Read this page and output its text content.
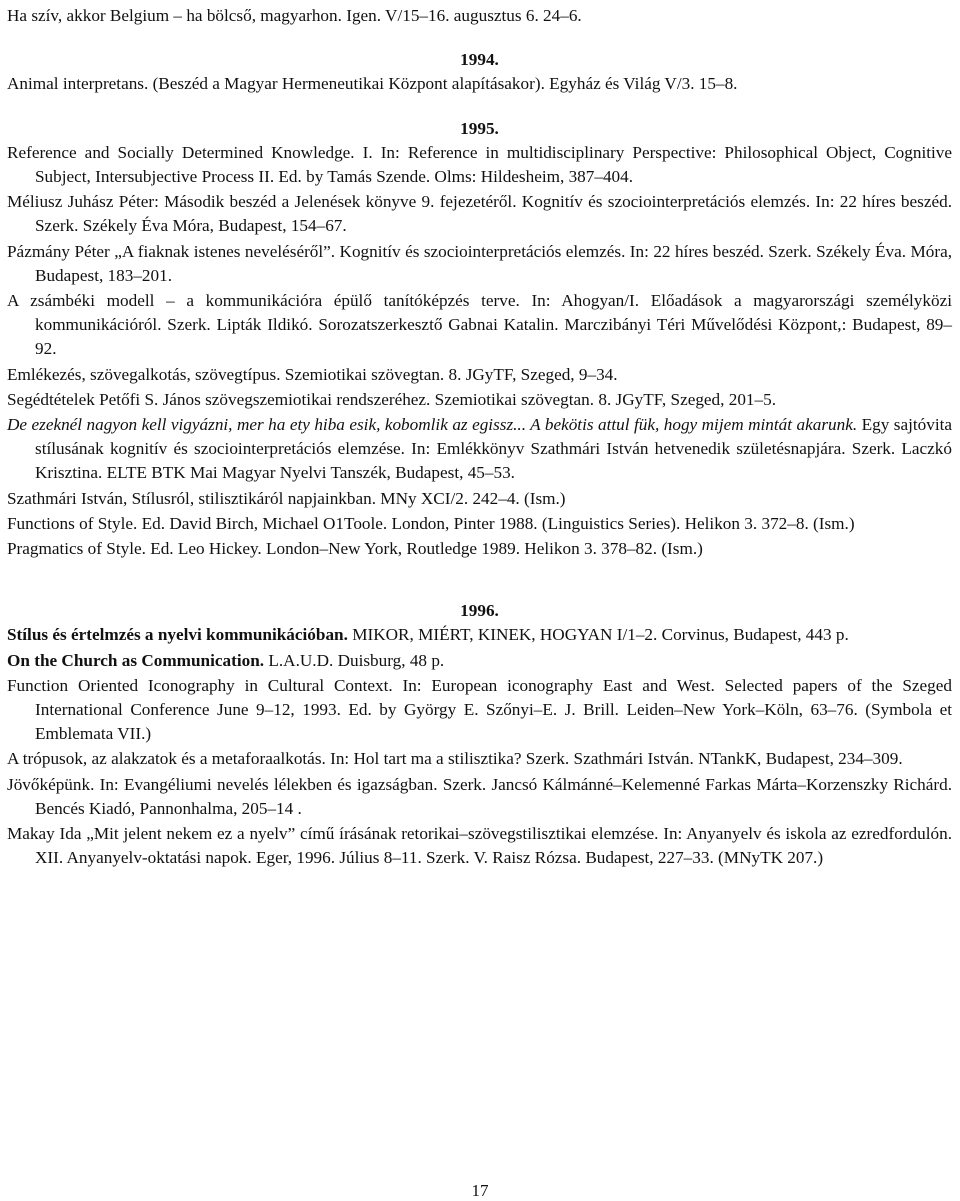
Ha szív, akkor Belgium – ha bölcső, magyarhon. Igen. V/15–16. augusztus 6. 24–6.

1994.

Animal interpretans. (Beszéd a Magyar Hermeneutikai Központ alapításakor). Egyház és Világ V/3. 15–8.

1995.

Reference and Socially Determined Knowledge. I. In: Reference in multidisciplinary Perspective: Philosophical Object, Cognitive Subject, Intersubjective Process II. Ed. by Tamás Szende. Olms: Hildesheim, 387–404.

Méliusz Juhász Péter: Második beszéd a Jelenések könyve 9. fejezetéről. Kognitív és szociointerpretációs elemzés. In: 22 híres beszéd. Szerk. Székely Éva Móra, Budapest, 154–67.

Pázmány Péter „A fiaknak istenes neveléséről”. Kognitív és szociointerpretációs elemzés. In: 22 híres beszéd. Szerk. Székely Éva. Móra, Budapest, 183–201.

A zsámbéki modell – a kommunikációra épülő tanítóképzés terve. In: Ahogyan/I. Előadások a magyarországi személyközi kommunikációról. Szerk. Lipták Ildikó. Sorozatszerkesztő Gabnai Katalin. Marczibányi Téri Művelődési Központ,: Budapest, 89–92.

Emlékezés, szövegalkotás, szövegtípus. Szemiotikai szövegtan. 8. JGyTF, Szeged, 9–34.

Segédtételek Petőfi S. János szövegszemiotikai rendszeréhez. Szemiotikai szövegtan. 8. JGyTF, Szeged, 201–5.

De ezeknél nagyon kell vigyázni, mer ha ety hiba esik, kobomlik az egissz... A bekötis attul fük, hogy mijem mintát akarunk. Egy sajtóvita stílusának kognitív és szociointerpretációs elemzése. In: Emlékkönyv Szathmári István hetvenedik születésnapjára. Szerk. Laczkó Krisztina. ELTE BTK Mai Magyar Nyelvi Tanszék, Budapest, 45–53.

Szathmári István, Stílusról, stilisztikáról napjainkban. MNy XCI/2. 242–4. (Ism.)

Functions of Style. Ed. David Birch, Michael O1Toole. London, Pinter 1988. (Linguistics Series). Helikon 3. 372–8. (Ism.)

Pragmatics of Style. Ed. Leo Hickey. London–New York, Routledge 1989. Helikon 3. 378–82. (Ism.)

1996.

Stílus és értelmzés a nyelvi kommunikációban. MIKOR, MIÉRT, KINEK, HOGYAN I/1–2. Corvinus, Budapest, 443 p.

On the Church as Communication. L.A.U.D. Duisburg, 48 p.

Function Oriented Iconography in Cultural Context. In: European iconography East and West. Selected papers of the Szeged International Conference June 9–12, 1993. Ed. by György E. Szőnyi–E. J. Brill. Leiden–New York–Köln, 63–76. (Symbola et Emblemata VII.)

A trópusok, az alakzatok és a metaforaalkotás. In: Hol tart ma a stilisztika? Szerk. Szathmári István. NTankK, Budapest, 234–309.

Jövőképünk. In: Evangéliumi nevelés lélekben és igazságban. Szerk. Jancsó Kálmánné–Kelemenné Farkas Márta–Korzenszky Richárd. Bencés Kiadó, Pannonhalma, 205–14 .

Makay Ida „Mit jelent nekem ez a nyelv” című írásának retorikai–szövegstilisztikai elemzése. In: Anyanyelv és iskola az ezredfordulón. XII. Anyanyelv-oktatási napok. Eger, 1996. Július 8–11. Szerk. V. Raisz Rózsa. Budapest, 227–33. (MNyTK 207.)

17
